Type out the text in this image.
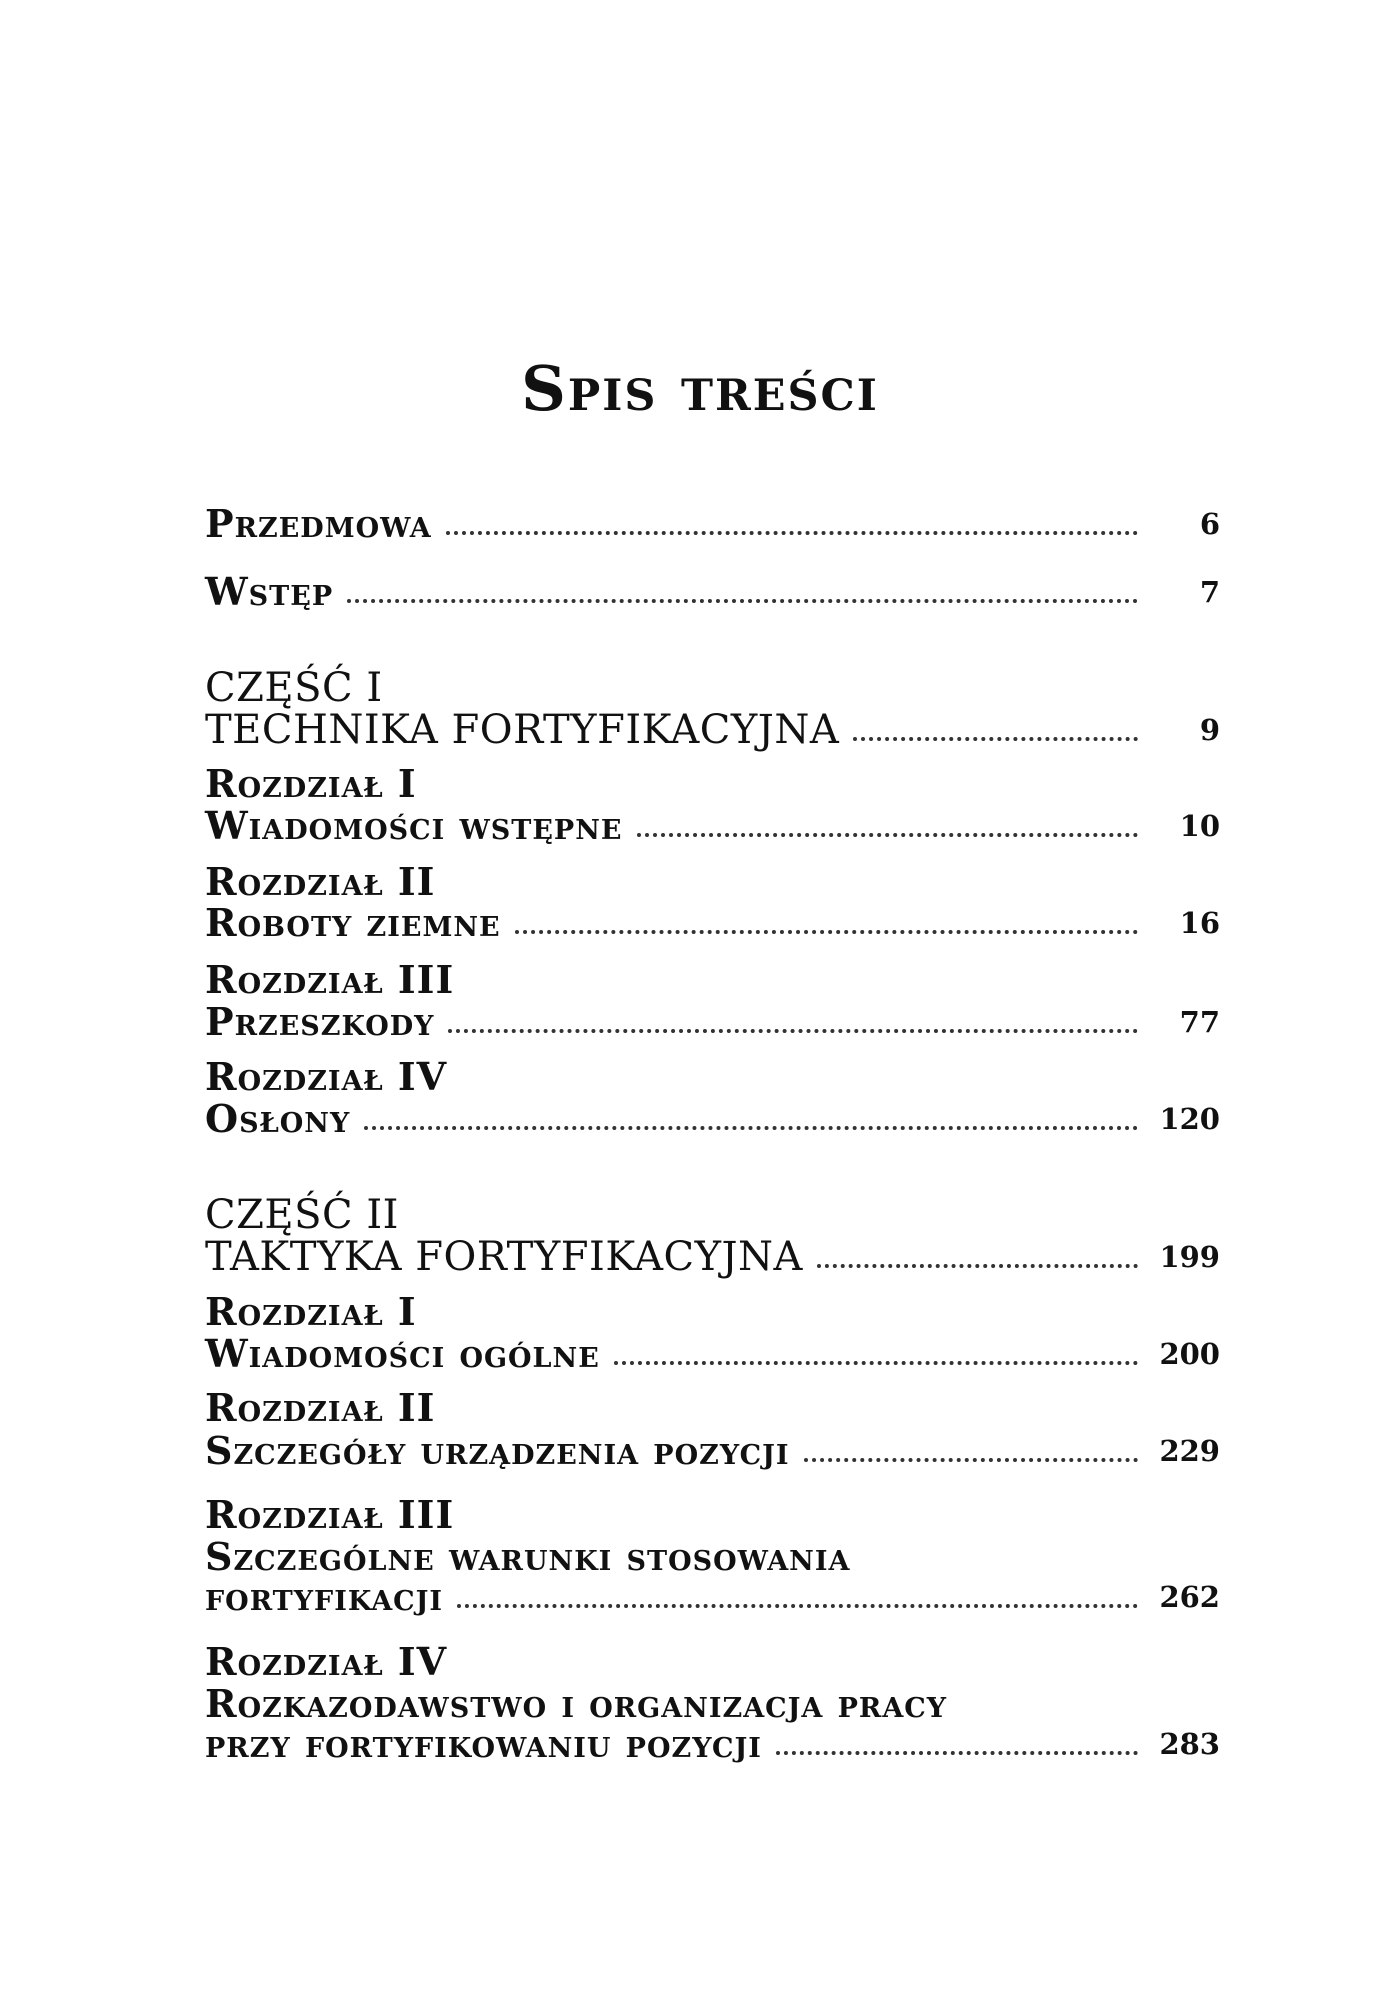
Spis treści
Przedmowa	6
Wstęp	7
CZĘŚĆ I
TECHNIKA FORTYFIKACYJNA	9
Rozdział I
Wiadomości wstępne	10
Rozdział II
Roboty ziemne	16
Rozdział III
Przeszkody	77
Rozdział IV
Osłony	120
CZĘŚĆ II
TAKTYKA FORTYFIKACYJNA	199
Rozdział I
Wiadomości ogólne	200
Rozdział II
Szczegóły urządzenia pozycji	229
Rozdział III
Szczególne warunki stosowania
fortyfikacji	262
Rozdział IV
Rozkazodawstwo i organizacja pracy
przy fortyfikowaniu pozycji	283
